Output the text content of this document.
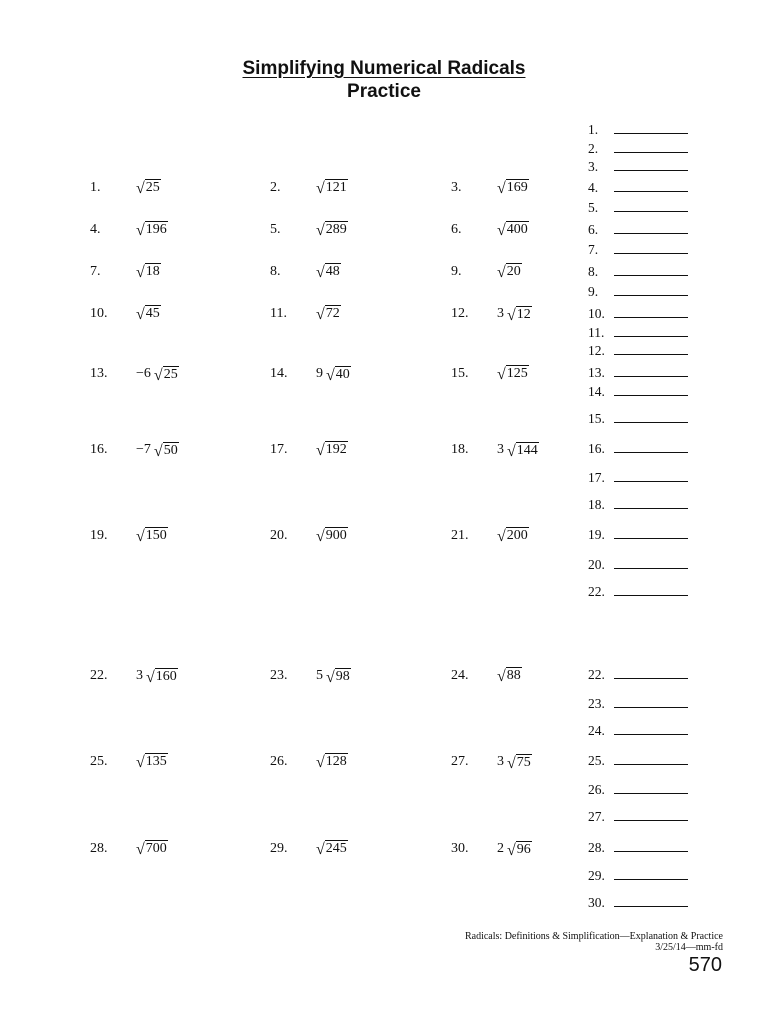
Simplifying Numerical Radicals
Practice
1. √ 25	2. √ 121	3. √ 169
4. √ 196	5. √ 289	6. √ 400
7. √ 18	8. √ 48	9. √ 20
10. √ 45	11. √ 72	12. 3 √ 12
13. −6 √ 25	14. 9 √ 40	15. √ 125
16. −7 √ 50	17. √ 192	18. 3 √ 144
19. √ 150	20. √ 900	21. √ 200
22. 3 √ 160	23. 5 √ 98	24. √ 88
25. √ 135	26. √ 128	27. 3 √ 75
28. √ 700	29. √ 245	30. 2 √ 96
1.
2.
3.
4.
5.
6.
7.
8.
9.
10.
11.
12.
13.
14.
15.
16.
17.
18.
19.
20.
22.
22.
23.
24.
25.
26.
27.
28.
29.
30.
Radicals: Definitions & Simplification—Explanation & Practice
3/25/14—mm-fd
570
